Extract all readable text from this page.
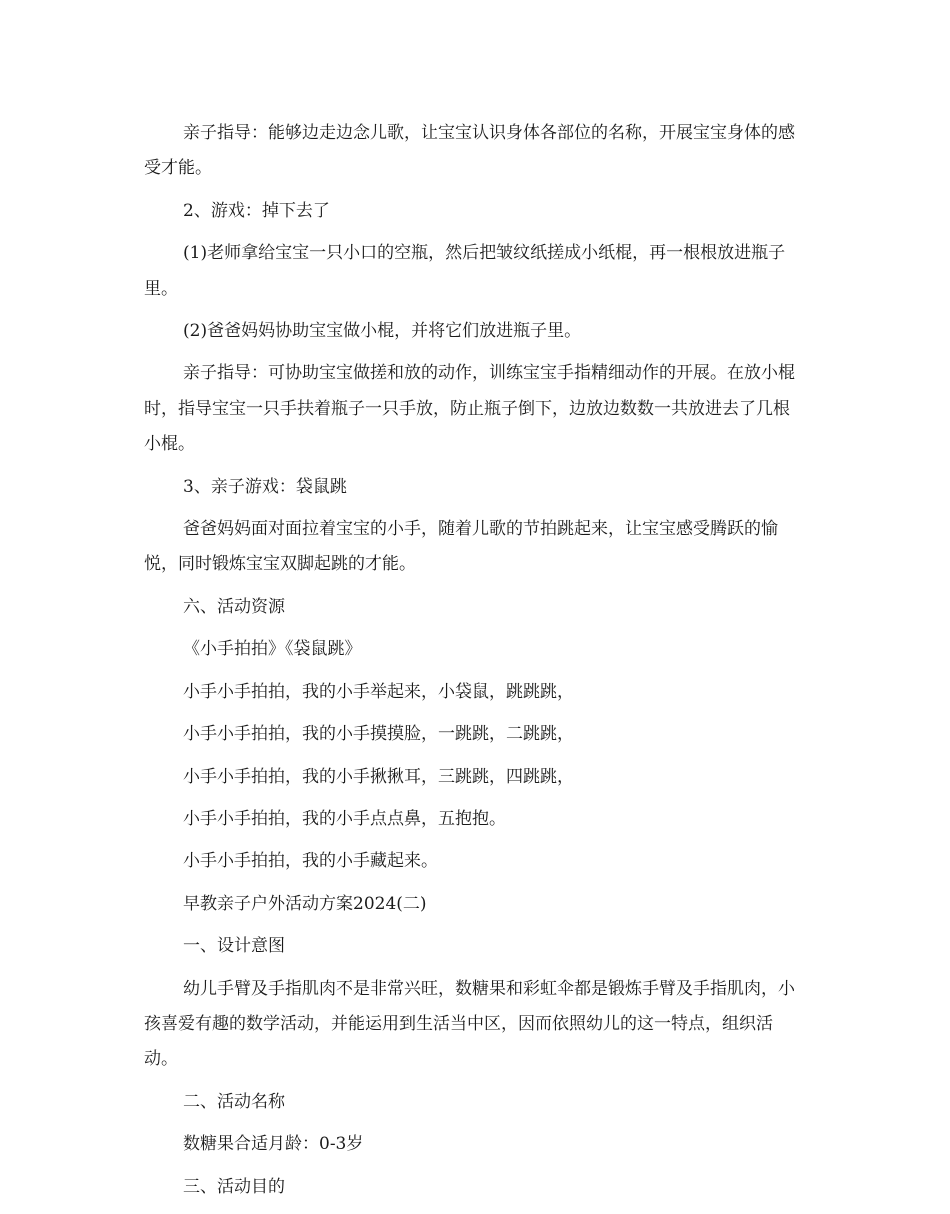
亲子指导：能够边走边念儿歌，让宝宝认识身体各部位的名称，开展宝宝身体的感受才能。

2、游戏：掉下去了

(1)老师拿给宝宝一只小口的空瓶，然后把皱纹纸搓成小纸棍，再一根根放进瓶子里。

(2)爸爸妈妈协助宝宝做小棍，并将它们放进瓶子里。

亲子指导：可协助宝宝做搓和放的动作，训练宝宝手指精细动作的开展。在放小棍时，指导宝宝一只手扶着瓶子一只手放，防止瓶子倒下，边放边数数一共放进去了几根小棍。

3、亲子游戏：袋鼠跳

爸爸妈妈面对面拉着宝宝的小手，随着儿歌的节拍跳起来，让宝宝感受腾跃的愉悦，同时锻炼宝宝双脚起跳的才能。

六、活动资源

《小手拍拍》《袋鼠跳》

小手小手拍拍，我的小手举起来，小袋鼠，跳跳跳，

小手小手拍拍，我的小手摸摸脸，一跳跳，二跳跳，

小手小手拍拍，我的小手揪揪耳，三跳跳，四跳跳，

小手小手拍拍，我的小手点点鼻，五抱抱。

小手小手拍拍，我的小手藏起来。

早教亲子户外活动方案2024(二)

一、设计意图

幼儿手臂及手指肌肉不是非常兴旺，数糖果和彩虹伞都是锻炼手臂及手指肌肉，小孩喜爱有趣的数学活动，并能运用到生活当中区，因而依照幼儿的这一特点，组织活动。

二、活动名称

数糖果合适月龄：0-3岁

三、活动目的
